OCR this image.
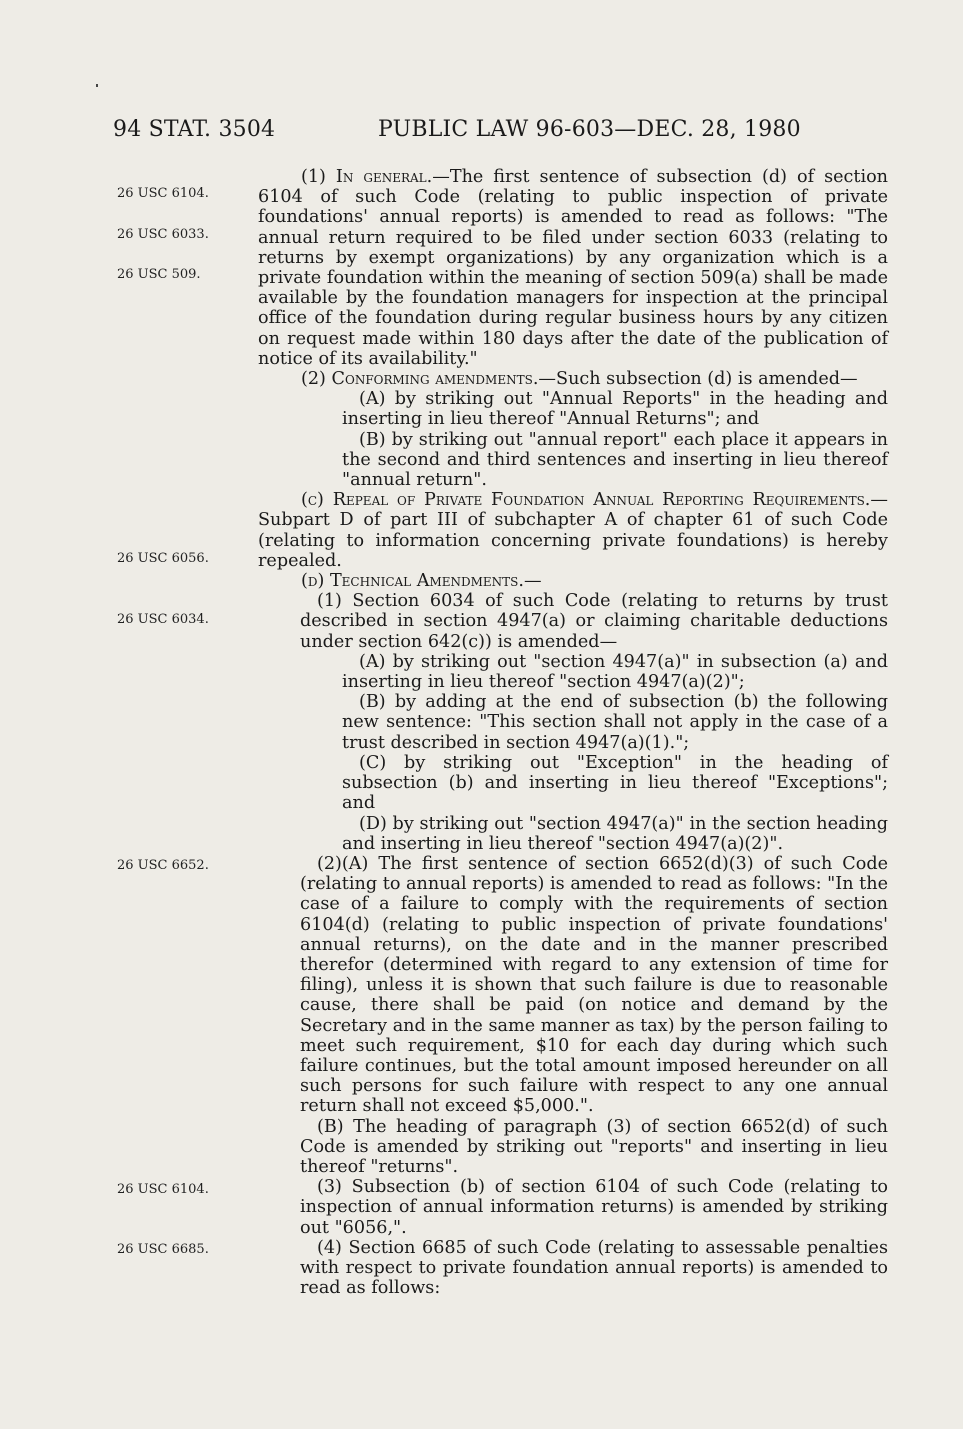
94 STAT. 3504	PUBLIC LAW 96-603—DEC. 28, 1980
26 USC 6104.
26 USC 6033.
26 USC 509.
26 USC 6056.
26 USC 6034.
26 USC 6652.
26 USC 6104.
26 USC 6685.

(1) In general.—The first sentence of subsection (d) of section 6104 of such Code (relating to public inspection of private foundations' annual reports) is amended to read as follows: "The annual return required to be filed under section 6033 (relating to returns by exempt organizations) by any organization which is a private foundation within the meaning of section 509(a) shall be made available by the foundation managers for inspection at the principal office of the foundation during regular business hours by any citizen on request made within 180 days after the date of the publication of notice of its availability."

(2) Conforming amendments.—Such subsection (d) is amended—

(A) by striking out "Annual Reports" in the heading and inserting in lieu thereof "Annual Returns"; and

(B) by striking out "annual report" each place it appears in the second and third sentences and inserting in lieu thereof "annual return".

(c) Repeal of Private Foundation Annual Reporting Requirements.—Subpart D of part III of subchapter A of chapter 61 of such Code (relating to information concerning private foundations) is hereby repealed.

(d) Technical Amendments.—

(1) Section 6034 of such Code (relating to returns by trust described in section 4947(a) or claiming charitable deductions under section 642(c)) is amended—

(A) by striking out "section 4947(a)" in subsection (a) and inserting in lieu thereof "section 4947(a)(2)";

(B) by adding at the end of subsection (b) the following new sentence: "This section shall not apply in the case of a trust described in section 4947(a)(1).";

(C) by striking out "Exception" in the heading of subsection (b) and inserting in lieu thereof "Exceptions"; and

(D) by striking out "section 4947(a)" in the section heading and inserting in lieu thereof "section 4947(a)(2)".

(2)(A) The first sentence of section 6652(d)(3) of such Code (relating to annual reports) is amended to read as follows: "In the case of a failure to comply with the requirements of section 6104(d) (relating to public inspection of private foundations' annual returns), on the date and in the manner prescribed therefor (determined with regard to any extension of time for filing), unless it is shown that such failure is due to reasonable cause, there shall be paid (on notice and demand by the Secretary and in the same manner as tax) by the person failing to meet such requirement, $10 for each day during which such failure continues, but the total amount imposed hereunder on all such persons for such failure with respect to any one annual return shall not exceed $5,000.".

(B) The heading of paragraph (3) of section 6652(d) of such Code is amended by striking out "reports" and inserting in lieu thereof "returns".

(3) Subsection (b) of section 6104 of such Code (relating to inspection of annual information returns) is amended by striking out "6056,".

(4) Section 6685 of such Code (relating to assessable penalties with respect to private foundation annual reports) is amended to read as follows:
